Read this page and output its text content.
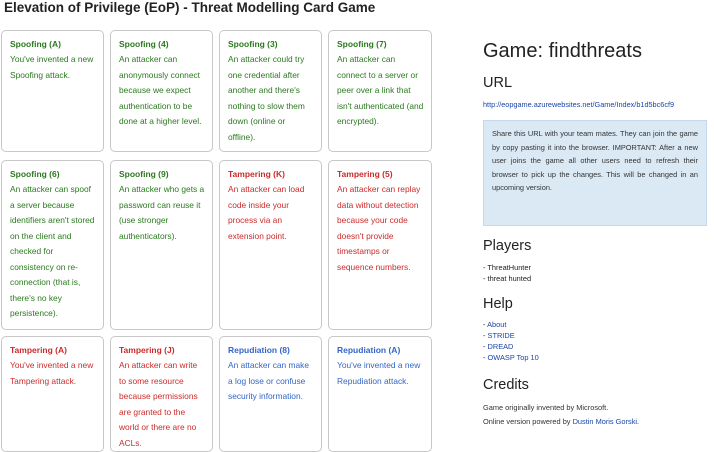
Elevation of Privilege (EoP) - Threat Modelling Card Game
Spoofing (A)
You've invented a new Spoofing attack.
Spoofing (4)
An attacker can anonymously connect because we expect authentication to be done at a higher level.
Spoofing (3)
An attacker could try one credential after another and there's nothing to slow them down (online or offline).
Spoofing (7)
An attacker can connect to a server or peer over a link that isn't authenticated (and encrypted).
Spoofing (6)
An attacker can spoof a server because identifiers aren't stored on the client and checked for consistency on re-connection (that is, there's no key persistence).
Spoofing (9)
An attacker who gets a password can reuse it (use stronger authenticators).
Tampering (K)
An attacker can load code inside your process via an extension point.
Tampering (5)
An attacker can replay data without detection because your code doesn't provide timestamps or sequence numbers.
Tampering (A)
You've invented a new Tampering attack.
Tampering (J)
An attacker can write to some resource because permissions are granted to the world or there are no ACLs.
Repudiation (8)
An attacker can make a log lose or confuse security information.
Repudiation (A)
You've invented a new Repudiation attack.
Game: findthreats
URL
http://eopgame.azurewebsites.net/Game/Index/b1d5bc6cf9
Share this URL with your team mates. They can join the game by copy pasting it into the browser. IMPORTANT: After a new user joins the game all other users need to refresh their browser to pick up the changes. This will be changed in an upcoming version.
Players
- ThreatHunter
- threat hunted
Help
- About
- STRIDE
- DREAD
- OWASP Top 10
Credits
Game originally invented by Microsoft.
Online version powered by Dustin Moris Gorski.
